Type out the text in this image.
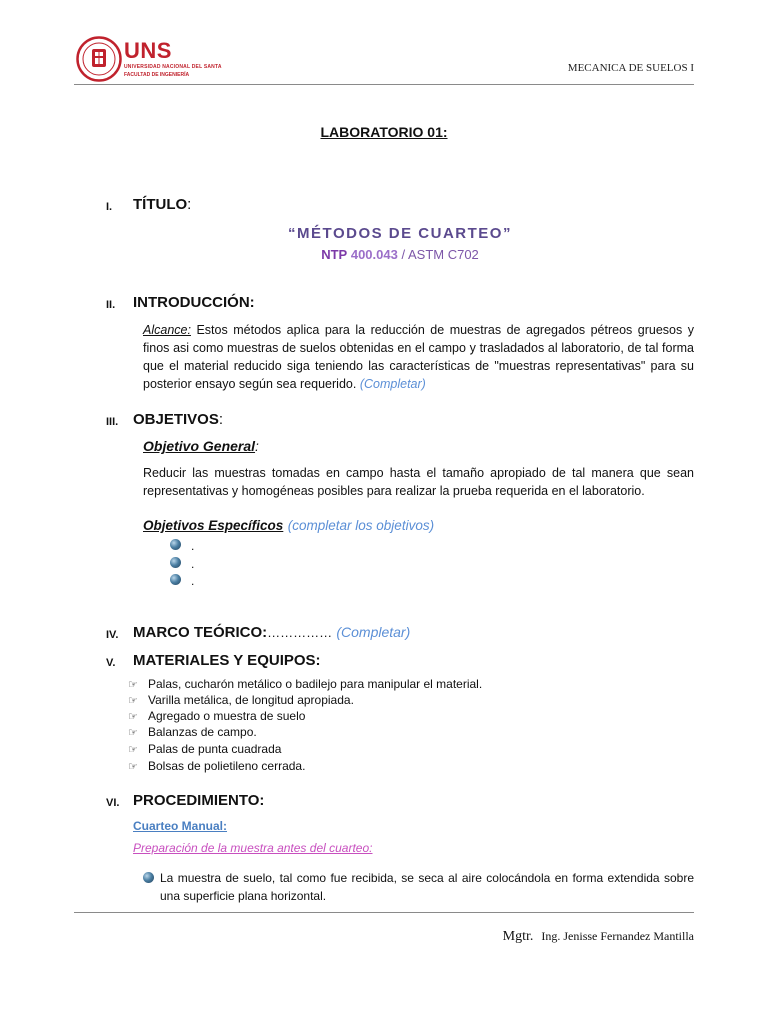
UNS
UNIVERSIDAD NACIONAL DEL SANTA
FACULTAD DE INGENIERÍA
MECANICA DE SUELOS I
LABORATORIO 01:
I.	TÍTULO:
“MÉTODOS DE CUARTEO”
NTP 400.043 / ASTM C702
II.	INTRODUCCIÓN:
Alcance: Estos métodos aplica para la reducción de muestras de agregados pétreos gruesos y finos asi como muestras de suelos obtenidas en el campo y trasladados al laboratorio, de tal forma que el material reducido siga teniendo las características de "muestras representativas" para su posterior ensayo según sea requerido. (Completar)
III. OBJETIVOS:
Objetivo General:
Reducir las muestras tomadas en campo hasta el tamaño apropiado de tal manera que sean representativas y homogéneas posibles para realizar la prueba requerida en el laboratorio.
Objetivos Específicos (completar los objetivos)
.
.
.
IV. MARCO TEÓRICO:…………… (Completar)
V.	MATERIALES Y EQUIPOS:
☞ Palas, cucharón metálico o badilejo para manipular el material.
☞ Varilla metálica, de longitud apropiada.
☞ Agregado o muestra de suelo
☞ Balanzas de campo.
☞ Palas de punta cuadrada
☞ Bolsas de polietileno cerrada.
VI. PROCEDIMIENTO:
Cuarteo Manual:
Preparación de la muestra antes del cuarteo:
La muestra de suelo, tal como fue recibida, se seca al aire colocándola en forma extendida sobre una superficie plana horizontal.
Mgtr. Ing. Jenisse Fernandez Mantilla
